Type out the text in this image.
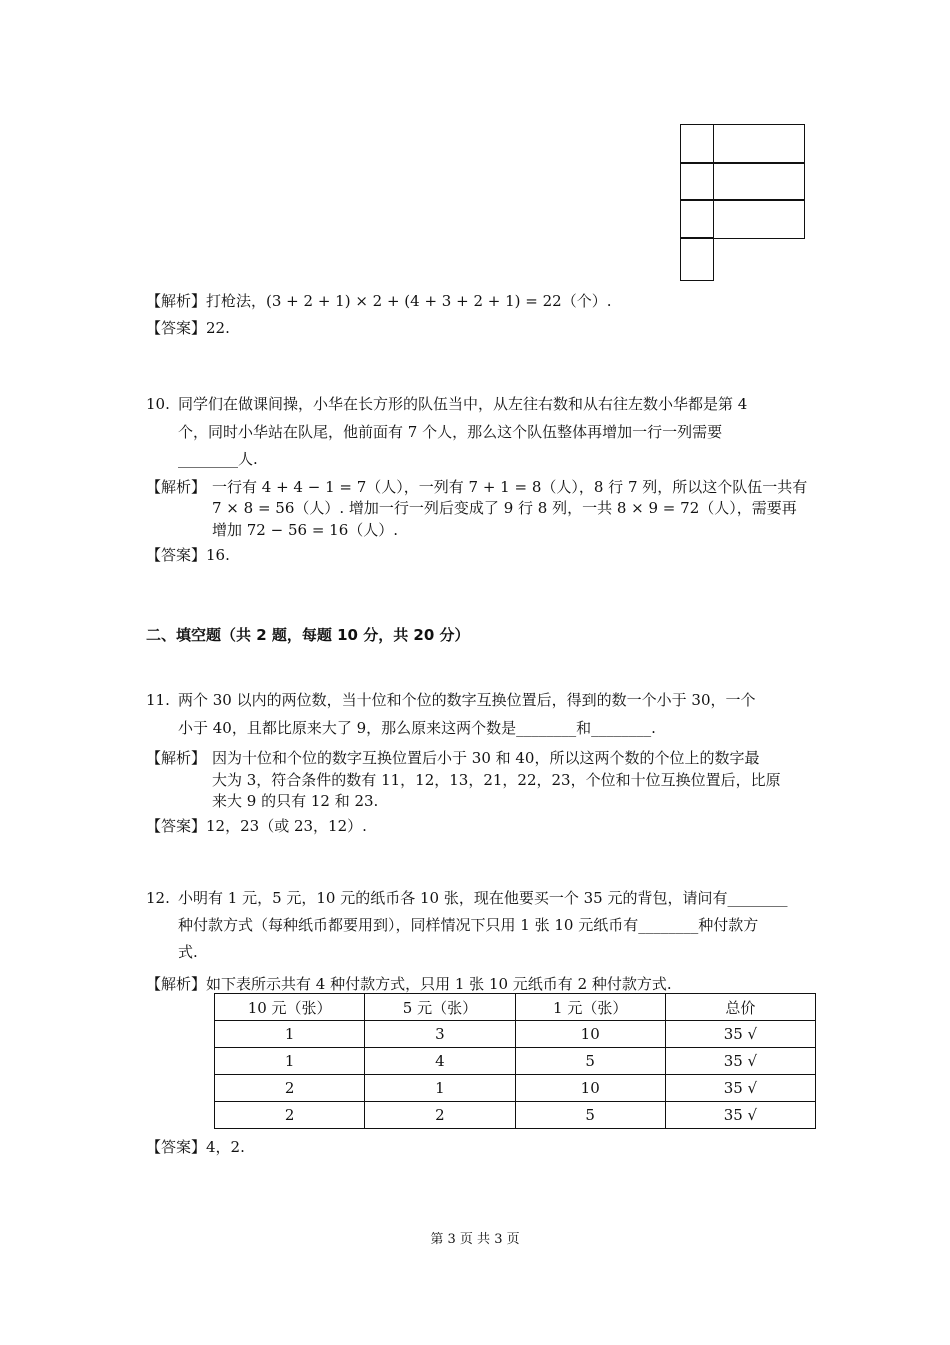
【解析】打枪法，(3 + 2 + 1) × 2 + (4 + 3 + 2 + 1) = 22（个）.
【答案】22.
10. 同学们在做课间操，小华在长方形的队伍当中，从左往右数和从右往左数小华都是第 4
个，同时小华站在队尾，他前面有 7 个人，那么这个队伍整体再增加一行一列需要
________人.
【解析】 一行有 4 + 4 − 1 = 7（人），一列有 7 + 1 = 8（人），8 行 7 列，所以这个队伍一共有
7 × 8 = 56（人）. 增加一行一列后变成了 9 行 8 列，一共 8 × 9 = 72（人），需要再
增加 72 − 56 = 16（人）.
【答案】16.
二、填空题（共 2 题，每题 10 分，共 20 分）
11. 两个 30 以内的两位数，当十位和个位的数字互换位置后，得到的数一个小于 30，一个
小于 40，且都比原来大了 9，那么原来这两个数是________和________.
【解析】 因为十位和个位的数字互换位置后小于 30 和 40，所以这两个数的个位上的数字最
大为 3，符合条件的数有 11，12，13，21，22，23，个位和十位互换位置后，比原
来大 9 的只有 12 和 23.
【答案】12，23（或 23，12）.
12. 小明有 1 元，5 元，10 元的纸币各 10 张，现在他要买一个 35 元的背包，请问有________
种付款方式（每种纸币都要用到），同样情况下只用 1 张 10 元纸币有________种付款方
式.
【解析】如下表所示共有 4 种付款方式，只用 1 张 10 元纸币有 2 种付款方式.
10 元（张）	5 元（张）	1 元（张）	总价
1	3	10	35 √
1	4	5	35 √
2	1	10	35 √
2	2	5	35 √
【答案】4，2.
第 3 页 共 3 页
